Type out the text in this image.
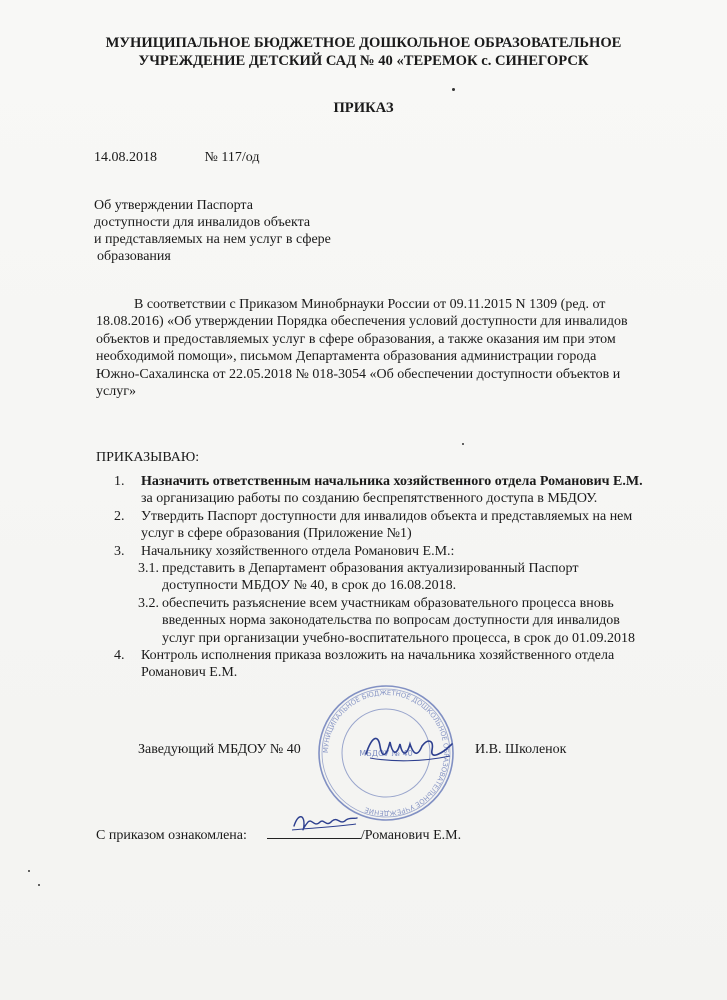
МУНИЦИПАЛЬНОЕ БЮДЖЕТНОЕ ДОШКОЛЬНОЕ ОБРАЗОВАТЕЛЬНОЕ
УЧРЕЖДЕНИЕ ДЕТСКИЙ САД № 40 «ТЕРЕМОК с. СИНЕГОРСК
ПРИКАЗ
14.08.2018	№ 117/од
Об утверждении Паспорта
доступности для инвалидов объекта
и представляемых на нем услуг в сфере
образования
В соответствии с Приказом Минобрнауки России от 09.11.2015 N 1309 (ред. от 18.08.2016) «Об утверждении Порядка обеспечения условий доступности для инвалидов объектов и предоставляемых услуг в сфере образования, а также оказания им при этом необходимой помощи», письмом Департамента образования администрации города Южно-Сахалинска от 22.05.2018 № 018-3054 «Об обеспечении доступности объектов и услуг»
ПРИКАЗЫВАЮ:
1. Назначить ответственным начальника хозяйственного отдела Романович Е.М. за организацию работы по созданию беспрепятственного доступа в МБДОУ.
2. Утвердить Паспорт доступности для инвалидов объекта и представляемых на нем услуг в сфере образования (Приложение №1)
3. Начальнику хозяйственного отдела Романович Е.М.:
3.1. представить в Департамент образования актуализированный Паспорт доступности МБДОУ № 40, в срок до 16.08.2018.
3.2. обеспечить разъяснение всем участникам образовательного процесса вновь введенных норма законодательства по вопросам доступности для инвалидов услуг при организации учебно-воспитательного процесса, в срок до 01.09.2018
4. Контроль исполнения приказа возложить на начальника хозяйственного отдела Романович Е.М.
МУНИЦИПАЛЬНОЕ БЮДЖЕТНОЕ ДОШКОЛЬНОЕ ОБРАЗОВАТЕЛЬНОЕ УЧРЕЖДЕНИЕ
МБДОУ № 40
Заведующий МБДОУ № 40	И.В. Школенок
С приказом ознакомлена:	/Романович Е.М.
